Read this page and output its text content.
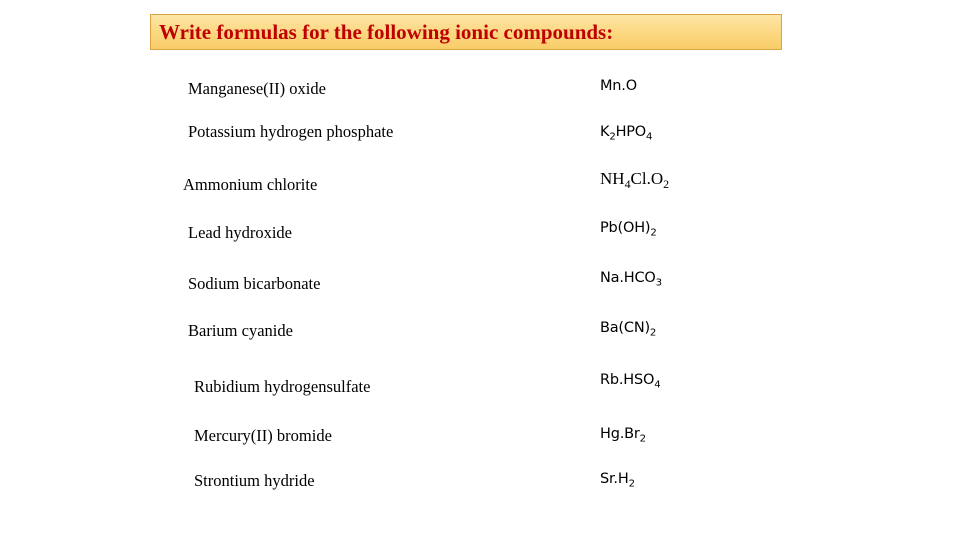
Write formulas for the following ionic compounds:
Manganese(II) oxide
Potassium hydrogen phosphate
Ammonium chlorite
Lead hydroxide
Sodium bicarbonate
Barium cyanide
Rubidium hydrogensulfate
Mercury(II) bromide
Strontium hydride
Mn.O
$K_2HPO_4$
$NH_4Cl.O_2$
$Pb(OH)_2$
$Na.HCO_3$
$Ba(CN)_2$
$Rb.HSO_4$
$Hg.Br_2$
$Sr.H_2$
